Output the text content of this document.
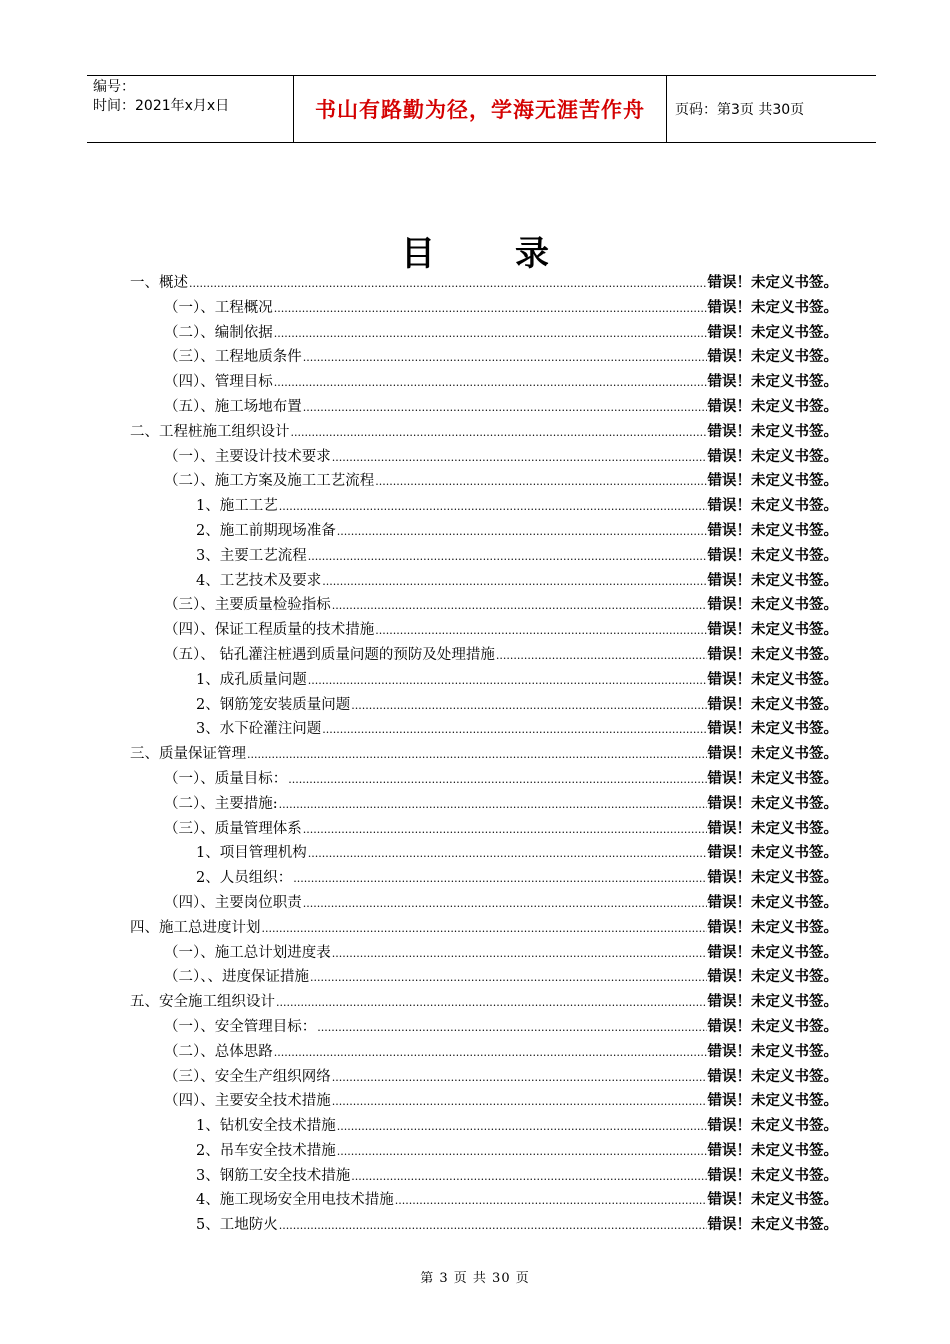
编号：
时间：2021年x月x日	书山有路勤为径，学海无涯苦作舟 页码：第3页 共30页
目录
一、概述 .....	错误！未定义书签。
（一）、工程概况 .....	错误！未定义书签。
（二）、编制依据 .....	错误！未定义书签。
（三）、工程地质条件 .....	错误！未定义书签。
（四）、管理目标 .....	错误！未定义书签。
（五）、施工场地布置 .....	错误！未定义书签。
二、工程桩施工组织设计 .....	错误！未定义书签。
（一）、主要设计技术要求 .....	错误！未定义书签。
（二）、施工方案及施工工艺流程 .....	错误！未定义书签。
1、施工工艺 .....	错误！未定义书签。
2、施工前期现场准备 .....	错误！未定义书签。
3、主要工艺流程 .....	错误！未定义书签。
4、工艺技术及要求 .....	错误！未定义书签。
（三）、主要质量检验指标 .....	错误！未定义书签。
（四）、保证工程质量的技术措施 .....	错误！未定义书签。
（五）、 钻孔灌注桩遇到质量问题的预防及处理措施 .....	错误！未定义书签。
1、成孔质量问题 .....	错误！未定义书签。
2、钢筋笼安装质量问题 .....	错误！未定义书签。
3、水下砼灌注问题 .....	错误！未定义书签。
三、质量保证管理 .....	错误！未定义书签。
（一）、质量目标： .....	错误！未定义书签。
（二）、主要措施: .....	错误！未定义书签。
（三）、质量管理体系 .....	错误！未定义书签。
1、项目管理机构 .....	错误！未定义书签。
2、人员组织： .....	错误！未定义书签。
（四）、主要岗位职责 .....	错误！未定义书签。
四、施工总进度计划 .....	错误！未定义书签。
（一）、施工总计划进度表 .....	错误！未定义书签。
（二）、、进度保证措施 .....	错误！未定义书签。
五、安全施工组织设计 .....	错误！未定义书签。
（一）、安全管理目标： .....	错误！未定义书签。
（二）、总体思路 .....	错误！未定义书签。
（三）、安全生产组织网络 .....	错误！未定义书签。
（四）、主要安全技术措施 .....	错误！未定义书签。
1、钻机安全技术措施 .....	错误！未定义书签。
2、吊车安全技术措施 .....	错误！未定义书签。
3、钢筋工安全技术措施 .....	错误！未定义书签。
4、施工现场安全用电技术措施 .....	错误！未定义书签。
5、工地防火 .....	错误！未定义书签。
第 3 页 共 30 页
